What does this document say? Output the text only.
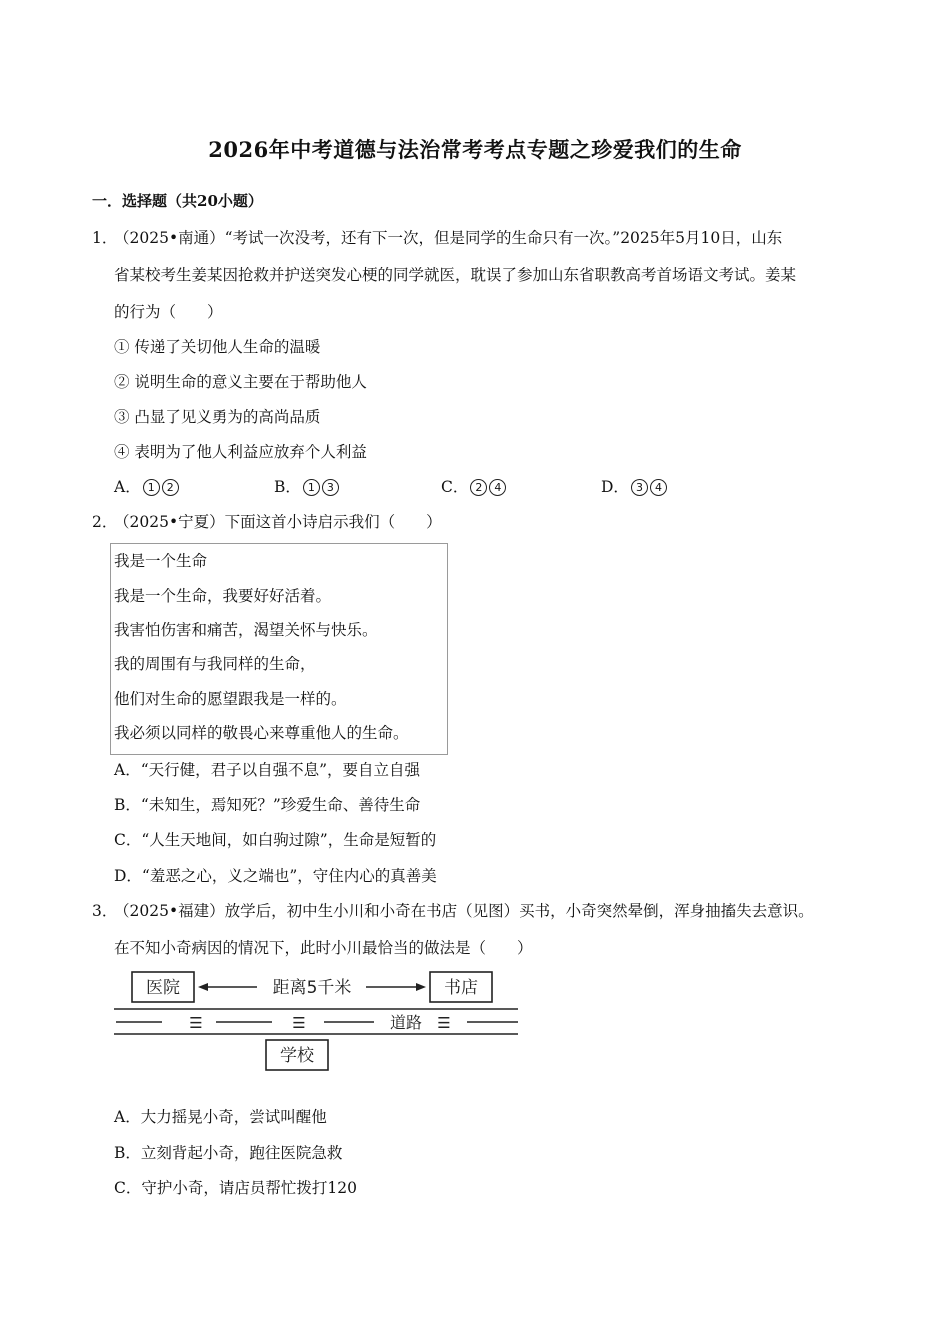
2026年中考道德与法治常考考点专题之珍爱我们的生命
一．选择题（共20小题）
1．
（2025•南通）“考试一次没考，还有下一次，但是同学的生命只有一次。”2025年5月10日，山东
省某校考生姜某因抢救并护送突发心梗的同学就医，耽误了参加山东省职教高考首场语文考试。姜某
的行为（　　）
① 传递了关切他人生命的温暖
② 说明生命的意义主要在于帮助他人
③ 凸显了见义勇为的高尚品质
④ 表明为了他人利益应放弃个人利益
A． 1 2	B． 1 3	C． 2 4	D． 3 4
2．
（2025•宁夏）下面这首小诗启示我们（　　）
我是一个生命
我是一个生命，我要好好活着。
我害怕伤害和痛苦，渴望关怀与快乐。
我的周围有与我同样的生命，
他们对生命的愿望跟我是一样的。
我必须以同样的敬畏心来尊重他人的生命。
A．“天行健，君子以自强不息”，要自立自强
B．“未知生，焉知死？”珍爱生命、善待生命
C．“人生天地间，如白驹过隙”，生命是短暂的
D．“羞恶之心，义之端也”，守住内心的真善美
3．
（2025•福建）放学后，初中生小川和小奇在书店（见图）买书，小奇突然晕倒，浑身抽搐失去意识。
在不知小奇病因的情况下，此时小川最恰当的做法是（　　）
医院	书店
距离5千米
☰	☰	☰
道路
学校
A．大力摇晃小奇，尝试叫醒他
B．立刻背起小奇，跑往医院急救
C．守护小奇，请店员帮忙拨打120
